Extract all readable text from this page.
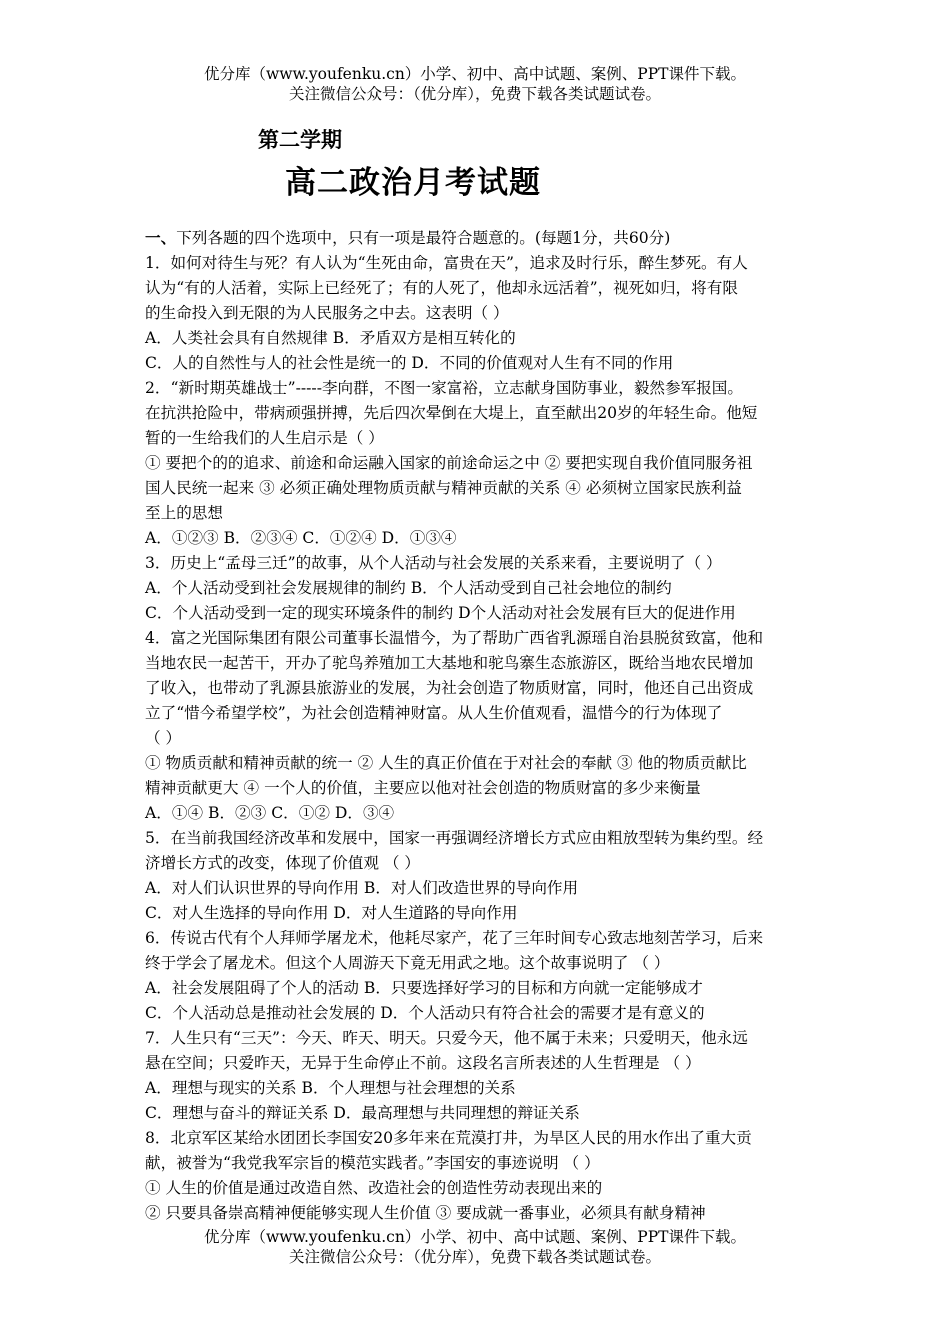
优分库（www.youfenku.cn）小学、初中、高中试题、案例、PPT课件下载。
关注微信公众号：（优分库），免费下载各类试题试卷。
第二学期
高二政治月考试题

一、下列各题的四个选项中，只有一项是最符合题意的。(每题1分，共60分)

1．如何对待生与死？有人认为“生死由命，富贵在天”，追求及时行乐，醉生梦死。有人

认为“有的人活着，实际上已经死了；有的人死了，他却永远活着”，视死如归，将有限

的生命投入到无限的为人民服务之中去。这表明（ ）

A．人类社会具有自然规律 B．矛盾双方是相互转化的

C．人的自然性与人的社会性是统一的 D．不同的价值观对人生有不同的作用

2．“新时期英雄战士”-----李向群，不图一家富裕，立志献身国防事业，毅然参军报国。

在抗洪抢险中，带病顽强拼搏，先后四次晕倒在大堤上，直至献出20岁的年轻生命。他短

暂的一生给我们的人生启示是（ ）

① 要把个的的追求、前途和命运融入国家的前途命运之中 ② 要把实现自我价值同服务祖

国人民统一起来 ③ 必须正确处理物质贡献与精神贡献的关系 ④ 必须树立国家民族利益

至上的思想

A．①②③ B．②③④ C．①②④ D．①③④

3．历史上“孟母三迁”的故事，从个人活动与社会发展的关系来看，主要说明了（ ）

A．个人活动受到社会发展规律的制约 B．个人活动受到自己社会地位的制约

C．个人活动受到一定的现实环境条件的制约 D个人活动对社会发展有巨大的促进作用

4．富之光国际集团有限公司董事长温惜今，为了帮助广西省乳源瑶自治县脱贫致富，他和

当地农民一起苦干，开办了驼鸟养殖加工大基地和驼鸟寨生态旅游区，既给当地农民增加

了收入，也带动了乳源县旅游业的发展，为社会创造了物质财富，同时，他还自己出资成

立了“惜今希望学校”，为社会创造精神财富。从人生价值观看，温惜今的行为体现了

（ ）

① 物质贡献和精神贡献的统一 ② 人生的真正价值在于对社会的奉献 ③ 他的物质贡献比

精神贡献更大 ④ 一个人的价值，主要应以他对社会创造的物质财富的多少来衡量

A．①④ B．②③ C．①② D．③④

5．在当前我国经济改革和发展中，国家一再强调经济增长方式应由粗放型转为集约型。经

济增长方式的改变，体现了价值观 （ ）

A．对人们认识世界的导向作用 B．对人们改造世界的导向作用

C．对人生选择的导向作用 D．对人生道路的导向作用

6．传说古代有个人拜师学屠龙术，他耗尽家产，花了三年时间专心致志地刻苦学习，后来

终于学会了屠龙术。但这个人周游天下竟无用武之地。这个故事说明了 （ ）

A．社会发展阻碍了个人的活动 B．只要选择好学习的目标和方向就一定能够成才

C．个人活动总是推动社会发展的 D．个人活动只有符合社会的需要才是有意义的

7．人生只有“三天”：今天、昨天、明天。只爱今天，他不属于未来；只爱明天，他永远

悬在空间；只爱昨天，无异于生命停止不前。这段名言所表述的人生哲理是 （ ）

A．理想与现实的关系 B．个人理想与社会理想的关系

C．理想与奋斗的辩证关系 D．最高理想与共同理想的辩证关系

8．北京军区某给水团团长李国安20多年来在荒漠打井，为旱区人民的用水作出了重大贡

献，被誉为“我党我军宗旨的模范实践者。”李国安的事迹说明 （ ）

① 人生的价值是通过改造自然、改造社会的创造性劳动表现出来的

② 只要具备崇高精神便能够实现人生价值 ③ 要成就一番事业，必须具有献身精神

优分库（www.youfenku.cn）小学、初中、高中试题、案例、PPT课件下载。
关注微信公众号：（优分库），免费下载各类试题试卷。
